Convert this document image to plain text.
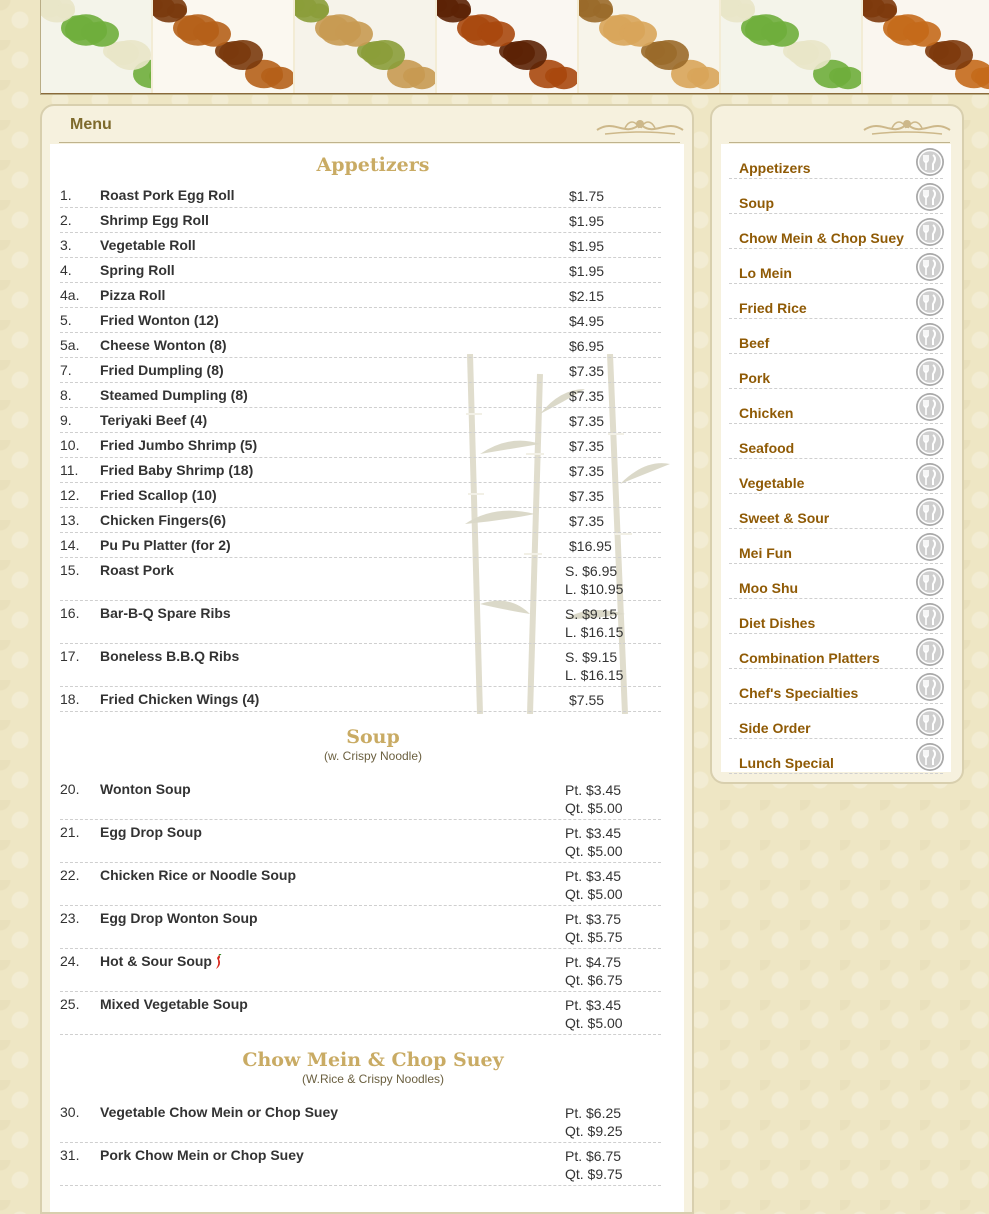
Menu
Appetizers
1. Roast Pork Egg Roll	$1.75
2. Shrimp Egg Roll	$1.95
3. Vegetable Roll	$1.95
4. Spring Roll	$1.95
4a. Pizza Roll	$2.15
5. Fried Wonton (12)	$4.95
5a. Cheese Wonton (8)	$6.95
7. Fried Dumpling (8)	$7.35
8. Steamed Dumpling (8)	$7.35
9. Teriyaki Beef (4)	$7.35
10. Fried Jumbo Shrimp (5)	$7.35
11. Fried Baby Shrimp (18)	$7.35
12. Fried Scallop (10)	$7.35
13. Chicken Fingers(6)	$7.35
14. Pu Pu Platter (for 2)	$16.95
15. Roast Pork	S. $6.95
L. $10.95
16. Bar-B-Q Spare Ribs	S. $9.15
L. $16.15
17. Boneless B.B.Q Ribs	S. $9.15
L. $16.15
18. Fried Chicken Wings (4)	$7.55
Soup
(w. Crispy Noodle)
20. Wonton Soup	Pt. $3.45
Qt. $5.00
21. Egg Drop Soup	Pt. $3.45
Qt. $5.00
22. Chicken Rice or Noodle Soup	Pt. $3.45
Qt. $5.00
23. Egg Drop Wonton Soup	Pt. $3.75
Qt. $5.75
24. Hot & Sour Soup	Pt. $4.75
Qt. $6.75
25. Mixed Vegetable Soup	Pt. $3.45
Qt. $5.00
Chow Mein & Chop Suey
(W.Rice & Crispy Noodles)
30. Vegetable Chow Mein or Chop Suey	Pt. $6.25
Qt. $9.25
31. Pork Chow Mein or Chop Suey	Pt. $6.75
Qt. $9.75
Appetizers
Soup
Chow Mein & Chop Suey
Lo Mein
Fried Rice
Beef
Pork
Chicken
Seafood
Vegetable
Sweet & Sour
Mei Fun
Moo Shu
Diet Dishes
Combination Platters
Chef's Specialties
Side Order
Lunch Special
